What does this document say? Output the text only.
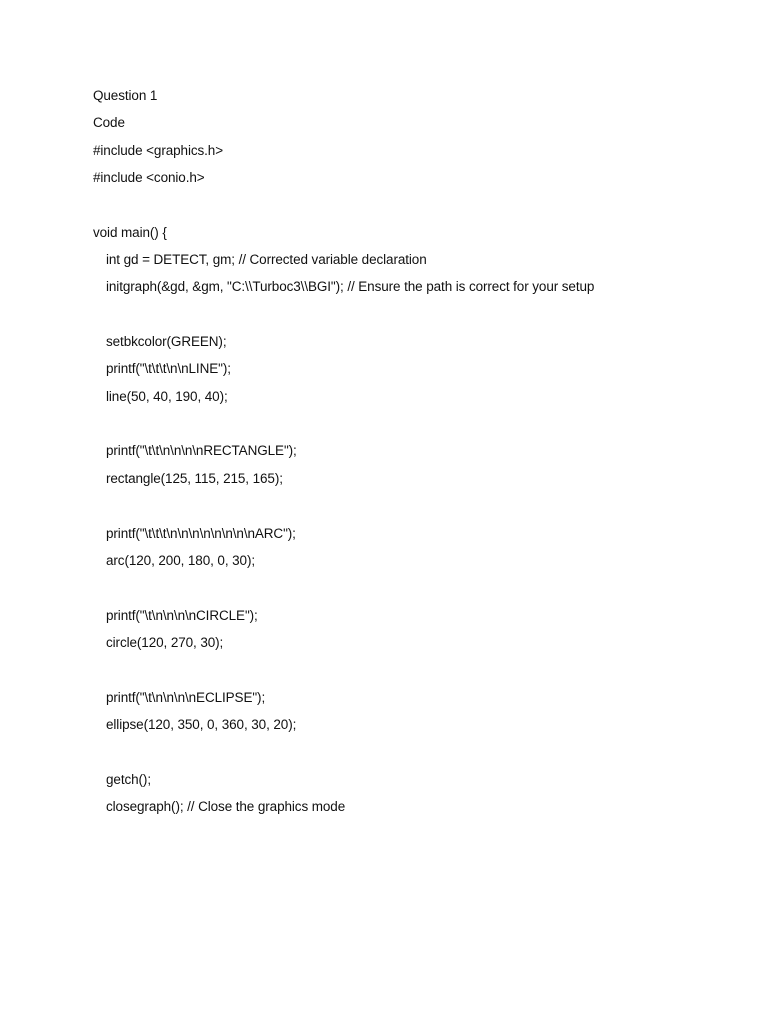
Question 1
Code
#include <graphics.h>
#include <conio.h>
void main() {
int gd = DETECT, gm; // Corrected variable declaration
initgraph(&gd, &gm, "C:\\Turboc3\\BGI"); // Ensure the path is correct for your setup
setbkcolor(GREEN);
printf("\t\t\t\n\nLINE");
line(50, 40, 190, 40);
printf("\t\t\n\n\n\nRECTANGLE");
rectangle(125, 115, 215, 165);
printf("\t\t\t\n\n\n\n\n\n\n\nARC");
arc(120, 200, 180, 0, 30);
printf("\t\n\n\n\nCIRCLE");
circle(120, 270, 30);
printf("\t\n\n\n\nECLIPSE");
ellipse(120, 350, 0, 360, 30, 20);
getch();
closegraph(); // Close the graphics mode
